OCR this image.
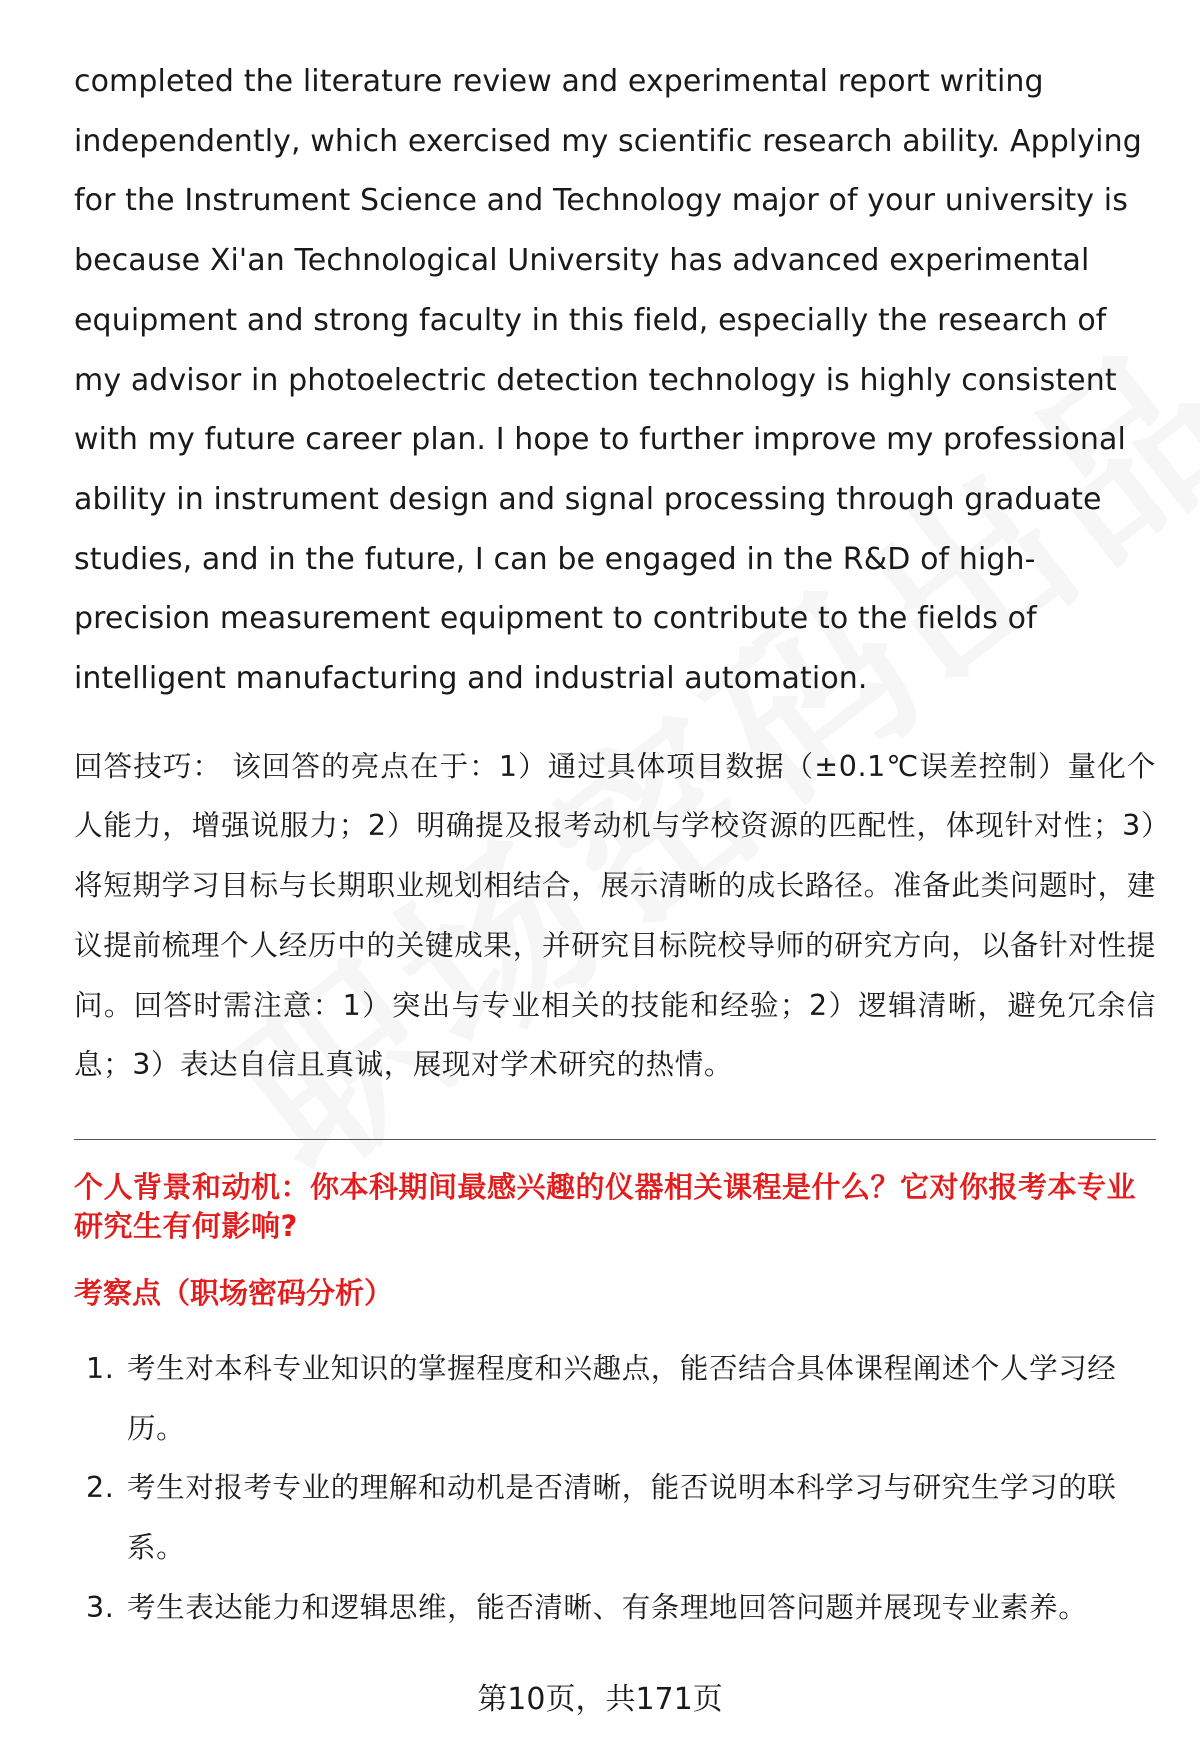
completed the literature review and experimental report writing independently, which exercised my scientific research ability. Applying for the Instrument Science and Technology major of your university is because Xi'an Technological University has advanced experimental equipment and strong faculty in this field, especially the research of my advisor in photoelectric detection technology is highly consistent with my future career plan. I hope to further improve my professional ability in instrument design and signal processing through graduate studies, and in the future, I can be engaged in the R&D of high-precision measurement equipment to contribute to the fields of intelligent manufacturing and industrial automation.

回答技巧： 该回答的亮点在于：1）通过具体项目数据（±0.1℃误差控制）量化个人能力，增强说服力；2）明确提及报考动机与学校资源的匹配性，体现针对性；3）将短期学习目标与长期职业规划相结合，展示清晰的成长路径。准备此类问题时，建议提前梳理个人经历中的关键成果，并研究目标院校导师的研究方向，以备针对性提问。回答时需注意：1）突出与专业相关的技能和经验；2）逻辑清晰，避免冗余信息；3）表达自信且真诚，展现对学术研究的热情。

个人背景和动机：你本科期间最感兴趣的仪器相关课程是什么？它对你报考本专业研究生有何影响?
考察点（职场密码分析）
1. 考生对本科专业知识的掌握程度和兴趣点，能否结合具体课程阐述个人学习经历。
2. 考生对报考专业的理解和动机是否清晰，能否说明本科学习与研究生学习的联系。
3. 考生表达能力和逻辑思维，能否清晰、有条理地回答问题并展现专业素养。
第10页，共171页
